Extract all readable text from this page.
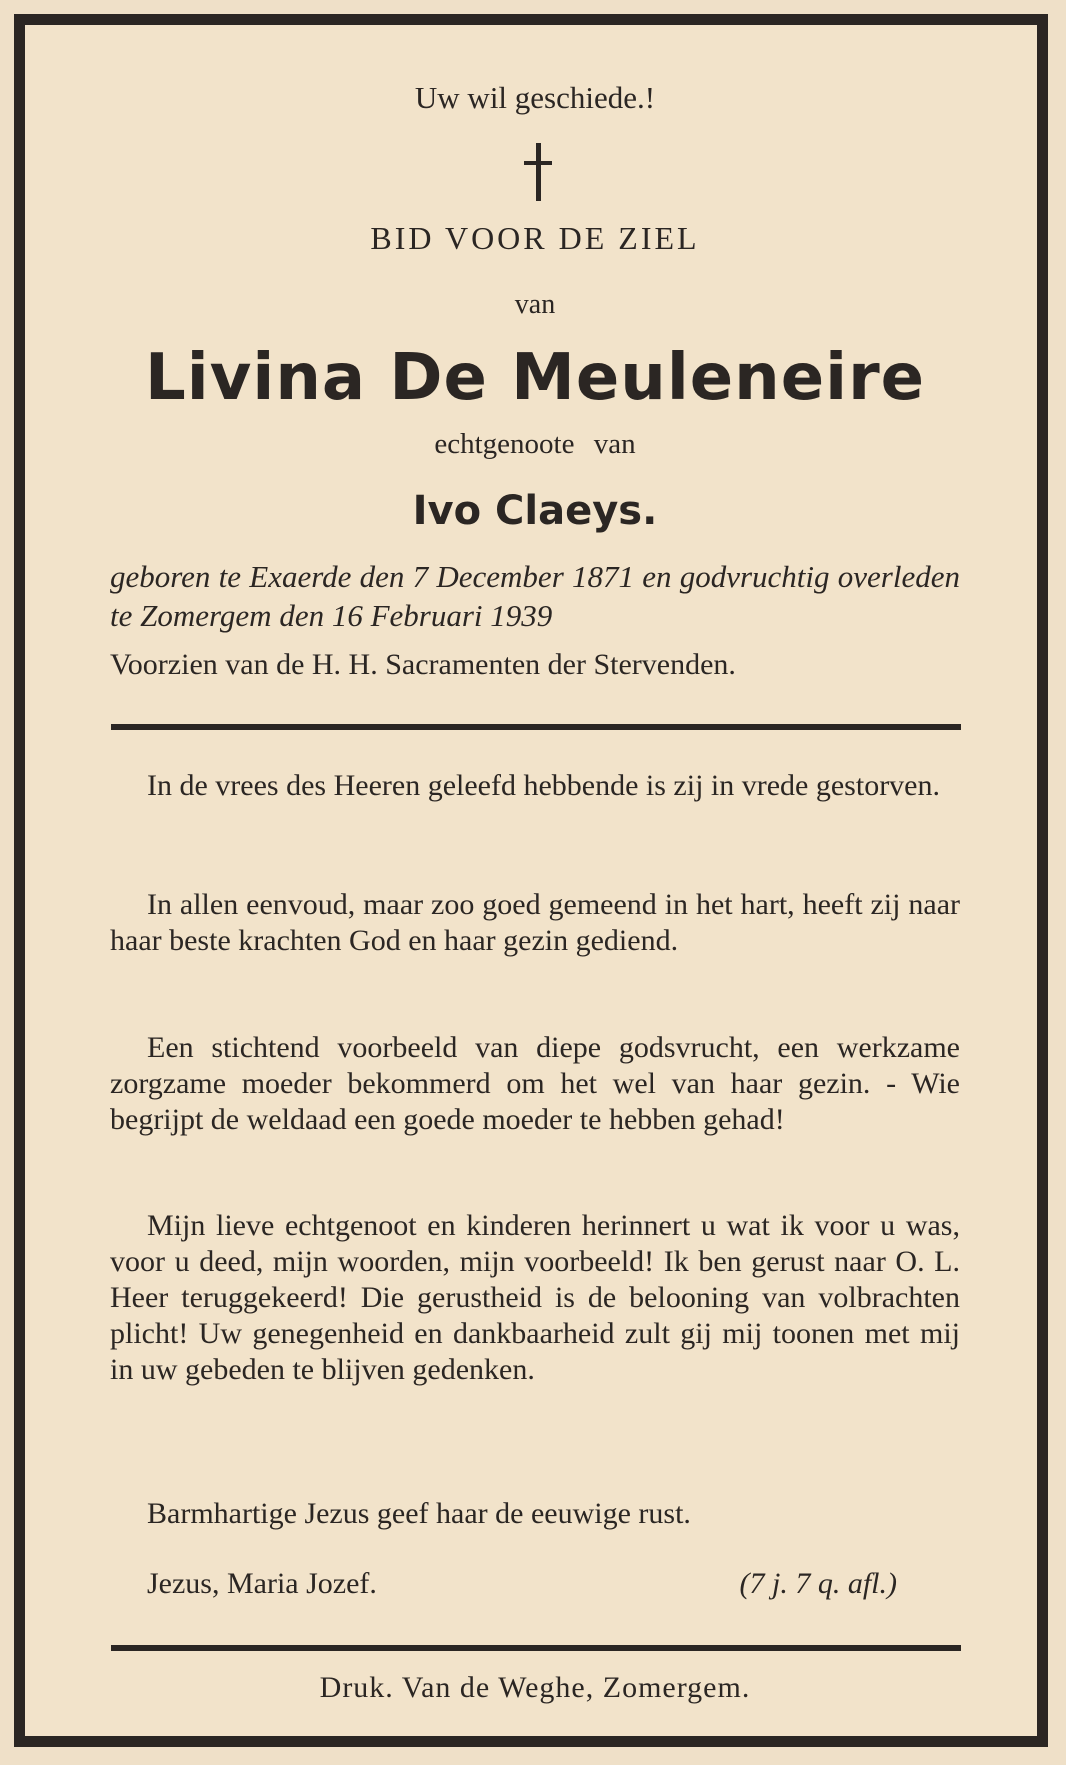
Uw wil geschiede.!
BID VOOR DE ZIEL
van
Livina De Meuleneire
echtgenoote van
Ivo Claeys.
geboren te Exaerde den 7 December 1871 en godvruchtig overleden te Zomergem den 16 Februari 1939
Voorzien van de H. H. Sacramenten der Stervenden.
In de vrees des Heeren geleefd hebbende is zij in vrede gestorven.
In allen eenvoud, maar zoo goed gemeend in het hart, heeft zij naar haar beste krachten God en haar gezin gediend.
Een stichtend voorbeeld van diepe godsvrucht, een werkzame zorgzame moeder bekommerd om het wel van haar gezin. - Wie begrijpt de weldaad een goede moeder te hebben gehad!
Mijn lieve echtgenoot en kinderen herinnert u wat ik voor u was, voor u deed, mijn woorden, mijn voorbeeld! Ik ben gerust naar O. L. Heer teruggekeerd! Die gerustheid is de belooning van volbrachten plicht! Uw genegenheid en dankbaarheid zult gij mij toonen met mij in uw gebeden te blijven gedenken.
Barmhartige Jezus geef haar de eeuwige rust.
Jezus, Maria Jozef.	(7 j. 7 q. afl.)
Druk. Van de Weghe, Zomergem.
